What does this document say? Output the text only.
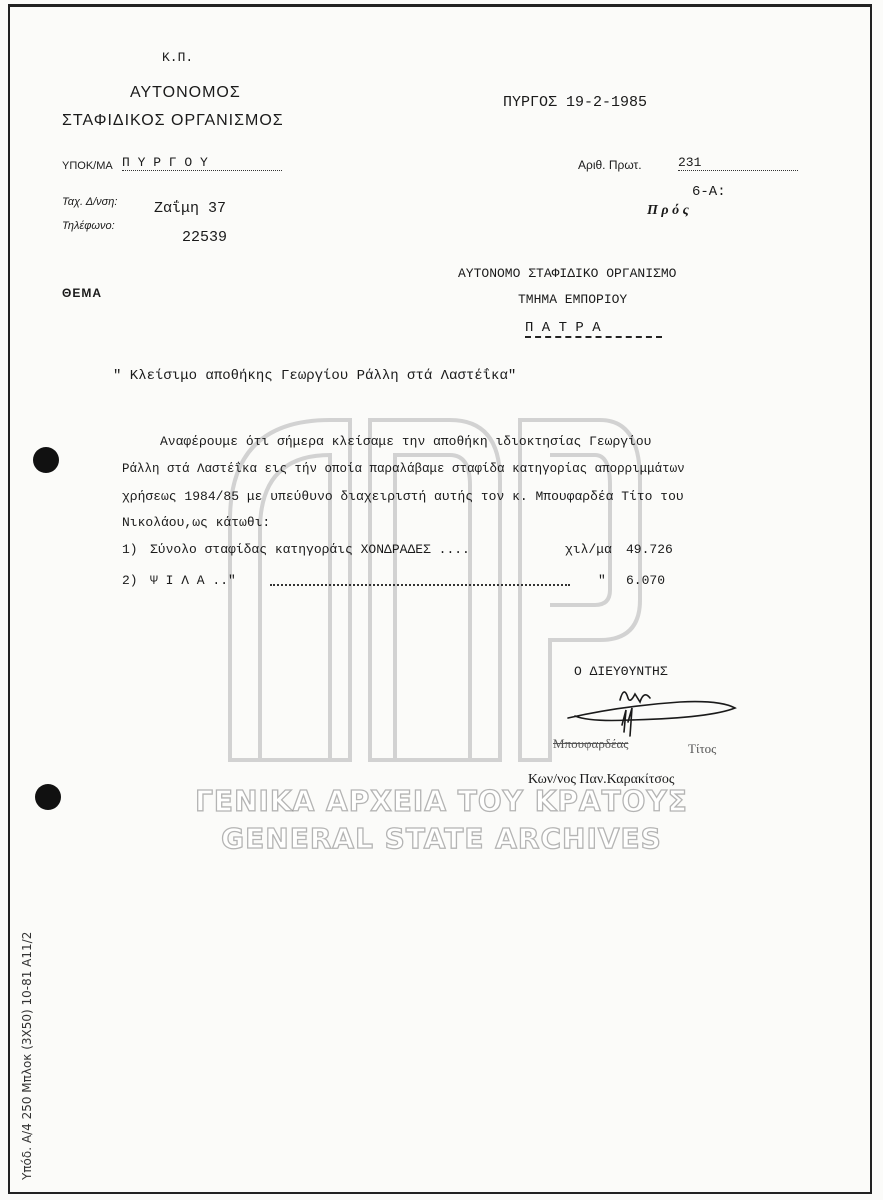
Κ.Π.
ΑΥΤΟΝΟΜΟΣ
ΣΤΑΦΙΔΙΚΟΣ ΟΡΓΑΝΙΣΜΟΣ
ΥΠΟΚ/ΜΑ Π Υ Ρ Γ Ο Υ
Ταχ. Δ/νση: Ζαΐμη 37
Τηλέφωνο:
22539
ΘΕΜΑ
ΠΥΡΓΟΣ 19-2-1985
Αριθ. Πρωτ.	231
6-Α:
Π ρ ό ς
ΑΥΤΟΝΟΜΟ ΣΤΑΦΙΔΙΚΟ ΟΡΓΑΝΙΣΜΟ
ΤΜΗΜΑ ΕΜΠΟΡΙΟΥ
Π Α Τ Ρ Α
" Κλείσιμο αποθήκης Γεωργίου Ράλλη στά Λαστέΐκα"
Αναφέρουμε ότι σήμερα κλείσαμε την αποθήκη ιδιοκτησίας Γεωργίου
Ράλλη στά Λαστέΐκα εις τήν οποία παραλάβαμε σταφίδα κατηγορίας απορριμμάτων
χρήσεως 1984/85 με υπεύθυνο διαχειριστή αυτής τον κ. Μπουφαρδέα Τίτο του
Νικολάου,ως κάτωθι:
1) Σύνολο σταφίδας κατηγοράις ΧΟΝΔΡΑΔΕΣ ....	χιλ/μα 49.726
2) Ψ Ι Λ Α .."	" 6.070
Ο ΔΙΕΥΘΥΝΤΗΣ
Μπουφαρδέας	Τίτος
Κων/νος Παν.Καρακίτσος
ΓΕΝΙΚΑ ΑΡΧΕΙΑ ΤΟΥ ΚΡΑΤΟΥΣ
GENERAL STATE ARCHIVES
Υπόδ. Α/4 250 Μπλοκ (3Χ50) 10-81 Α11/2
